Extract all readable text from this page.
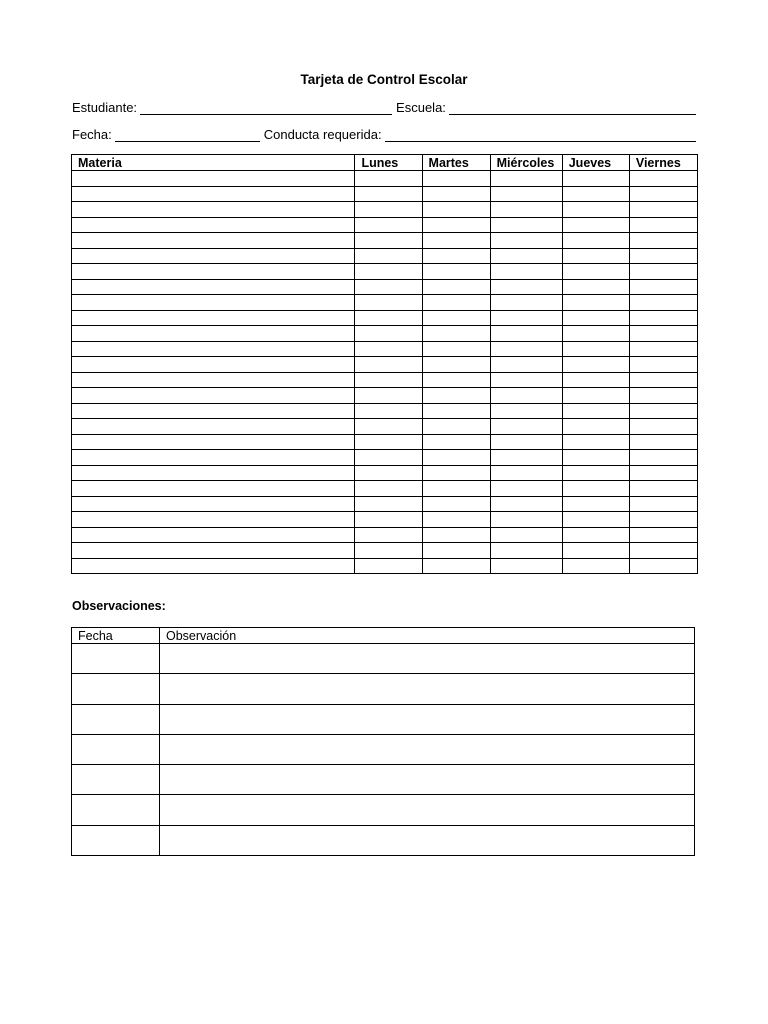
Tarjeta de Control Escolar
Estudiante:	Escuela:
Fecha:	Conducta requerida:
Materia	Lunes	Martes	Miércoles	Jueves	Viernes

Observaciones:
Fecha	Observación
